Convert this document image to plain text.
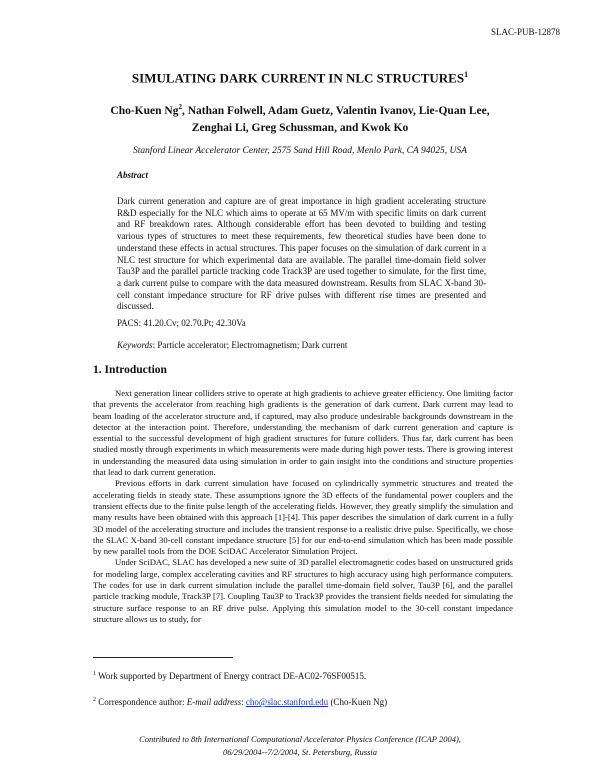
SLAC-PUB-12878
SIMULATING DARK CURRENT IN NLC STRUCTURES$^1$
Cho-Kuen Ng$^2$, Nathan Folwell, Adam Guetz, Valentin Ivanov, Lie-Quan Lee,
Zenghai Li, Greg Schussman, and Kwok Ko
Stanford Linear Accelerator Center, 2575 Sand Hill Road, Menlo Park, CA 94025, USA
Abstract
Dark current generation and capture are of great importance in high gradient accelerating structure R&D especially for the NLC which aims to operate at 65 MV/m with specific limits on dark current and RF breakdown rates. Although considerable effort has been devoted to building and testing various types of structures to meet these requirements, few theoretical studies have been done to understand these effects in actual structures. This paper focuses on the simulation of dark current in a NLC test structure for which experimental data are available. The parallel time-domain field solver Tau3P and the parallel particle tracking code Track3P are used together to simulate, for the first time, a dark current pulse to compare with the data measured downstream. Results from SLAC X-band 30-cell constant impedance structure for RF drive pulses with different rise times are presented and discussed.
PACS: 41.20.Cv; 02.70.Pt; 42.30Va
Keywords: Particle accelerator; Electromagnetism; Dark current
1. Introduction

Next generation linear colliders strive to operate at high gradients to achieve greater efficiency. One limiting factor that prevents the accelerator from reaching high gradients is the generation of dark current. Dark current may lead to beam loading of the accelerator structure and, if captured, may also produce undesirable backgrounds downstream in the detector at the interaction point. Therefore, understanding the mechanism of dark current generation and capture is essential to the successful development of high gradient structures for future colliders. Thus far, dark current has been studied mostly through experiments in which measurements were made during high power tests. There is growing interest in understanding the measured data using simulation in order to gain insight into the conditions and structure properties that lead to dark current generation.

Previous efforts in dark current simulation have focused on cylindrically symmetric structures and treated the accelerating fields in steady state. These assumptions ignore the 3D effects of the fundamental power couplers and the transient effects due to the finite pulse length of the accelerating fields. However, they greatly simplify the simulation and many results have been obtained with this approach [1]-[4]. This paper describes the simulation of dark current in a fully 3D model of the accelerating structure and includes the transient response to a realistic drive pulse. Specifically, we chose the SLAC X-band 30-cell constant impedance structure [5] for our end-to-end simulation which has been made possible by new parallel tools from the DOE SciDAC Accelerator Simulation Project.

Under SciDAC, SLAC has developed a new suite of 3D parallel electromagnetic codes based on unstructured grids for modeling large, complex accelerating cavities and RF structures to high accuracy using high performance computers. The codes for use in dark current simulation include the parallel time-domain field solver, Tau3P [6], and the parallel particle tracking module, Track3P [7]. Coupling Tau3P to Track3P provides the transient fields needed for simulating the structure surface response to an RF drive pulse. Applying this simulation model to the 30-cell constant impedance structure allows us to study, for

$^1$ Work supported by Department of Energy contract DE-AC02-76SF00515.
$^2$ Correspondence author: E-mail address: cho@slac.stanford.edu (Cho-Kuen Ng)
Contributed to 8th International Computational Accelerator Physics Conference (ICAP 2004),
06/29/2004--7/2/2004, St. Petersburg, Russia
